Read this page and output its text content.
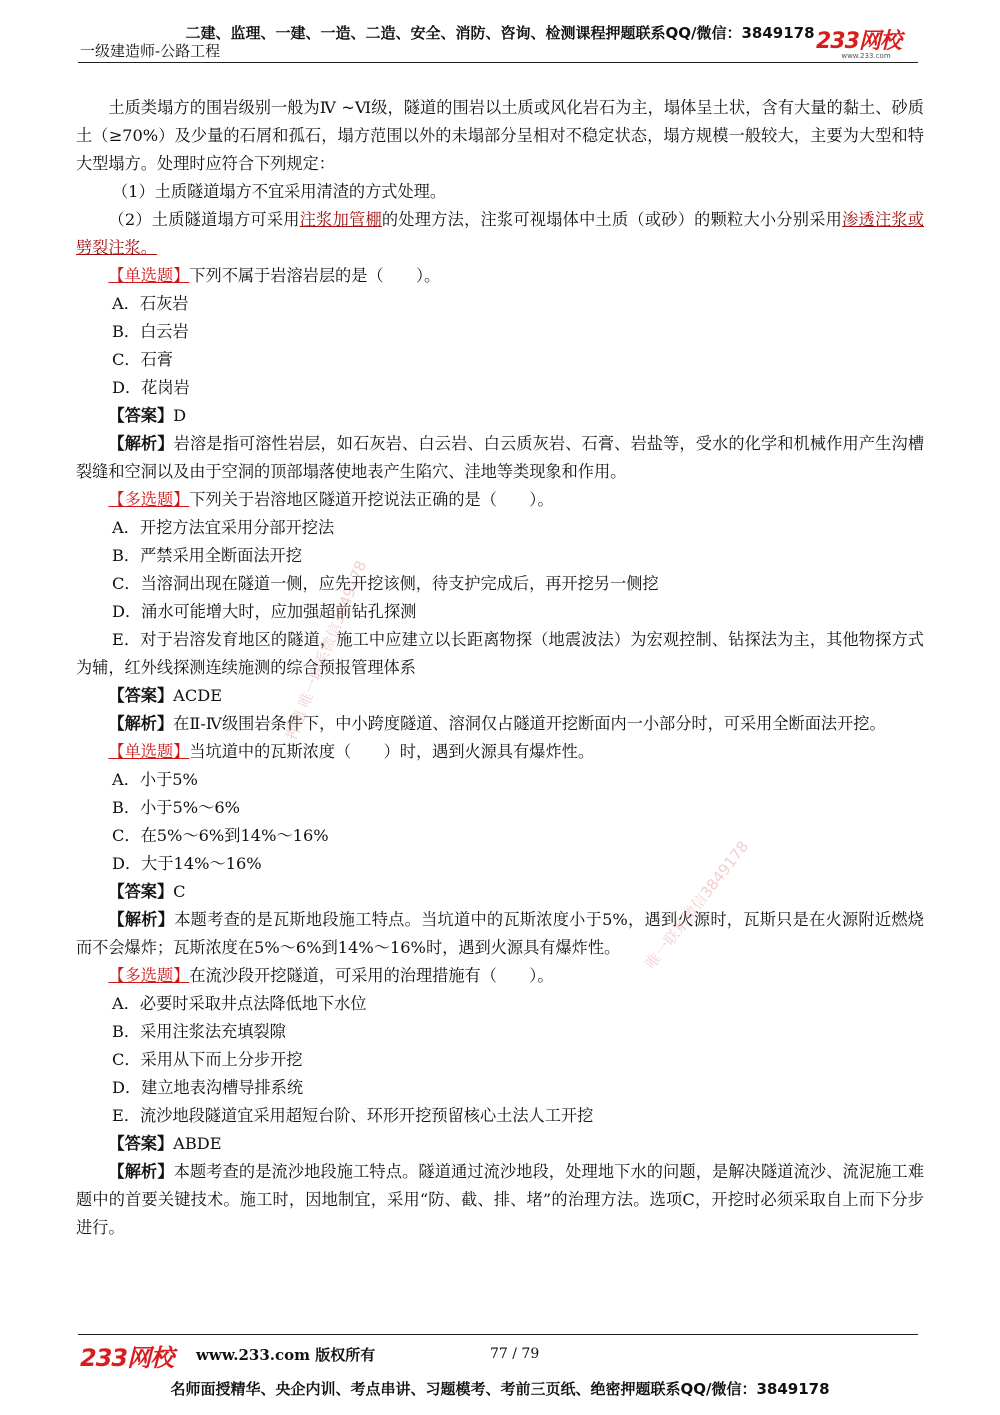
二建、监理、一建、一造、二造、安全、消防、咨询、检测课程押题联系QQ/微信：3849178
一级建造师-公路工程	233网校
www.233.com

土质类塌方的围岩级别一般为Ⅳ ~Ⅵ级，隧道的围岩以土质或风化岩石为主，塌体呈土状，含有大量的黏土、砂质土（≥70%）及少量的石屑和孤石，塌方范围以外的未塌部分呈相对不稳定状态，塌方规模一般较大，主要为大型和特大型塌方。处理时应符合下列规定：

（1）土质隧道塌方不宜采用清渣的方式处理。

（2）土质隧道塌方可采用注浆加管棚的处理方法，注浆可视塌体中土质（或砂）的颗粒大小分别采用渗透注浆或劈裂注浆。

【单选题】下列不属于岩溶岩层的是（　　）。

A．石灰岩

B．白云岩

C．石膏

D．花岗岩

【答案】D

【解析】岩溶是指可溶性岩层，如石灰岩、白云岩、白云质灰岩、石膏、岩盐等，受水的化学和机械作用产生沟槽裂缝和空洞以及由于空洞的顶部塌落使地表产生陷穴、洼地等类现象和作用。

【多选题】下列关于岩溶地区隧道开挖说法正确的是（　　）。

A．开挖方法宜采用分部开挖法

B．严禁采用全断面法开挖

C．当溶洞出现在隧道一侧，应先开挖该侧，待支护完成后，再开挖另一侧挖

D．涌水可能增大时，应加强超前钻孔探测

E．对于岩溶发育地区的隧道，施工中应建立以长距离物探（地震波法）为宏观控制、钻探法为主，其他物探方式为辅，红外线探测连续施测的综合预报管理体系

【答案】ACDE

【解析】在Ⅱ-Ⅳ级围岩条件下，中小跨度隧道、溶洞仅占隧道开挖断面内一小部分时，可采用全断面法开挖。

【单选题】当坑道中的瓦斯浓度（　　）时，遇到火源具有爆炸性。

A．小于5%

B．小于5%～6%

C．在5%～6%到14%～16%

D．大于14%～16%

【答案】C

【解析】本题考查的是瓦斯地段施工特点。当坑道中的瓦斯浓度小于5%，遇到火源时，瓦斯只是在火源附近燃烧而不会爆炸；瓦斯浓度在5%～6%到14%～16%时，遇到火源具有爆炸性。

【多选题】在流沙段开挖隧道，可采用的治理措施有（　　）。

A．必要时采取井点法降低地下水位

B．采用注浆法充填裂隙

C．采用从下而上分步开挖

D．建立地表沟槽导排系统

E．流沙地段隧道宜采用超短台阶、环形开挖预留核心土法人工开挖

【答案】ABDE

【解析】本题考查的是流沙地段施工特点。隧道通过流沙地段，处理地下水的问题，是解决隧道流沙、流泥施工难题中的首要关键技术。施工时，因地制宜，采用“防、截、排、堵”的治理方法。选项C，开挖时必须采取自上而下分步进行。

押题 唯一联系微信3849178
唯一联系微信3849178
233网校 www.233.com 版权所有	77 / 79
名师面授精华、央企内训、考点串讲、习题模考、考前三页纸、绝密押题联系QQ/微信：3849178
